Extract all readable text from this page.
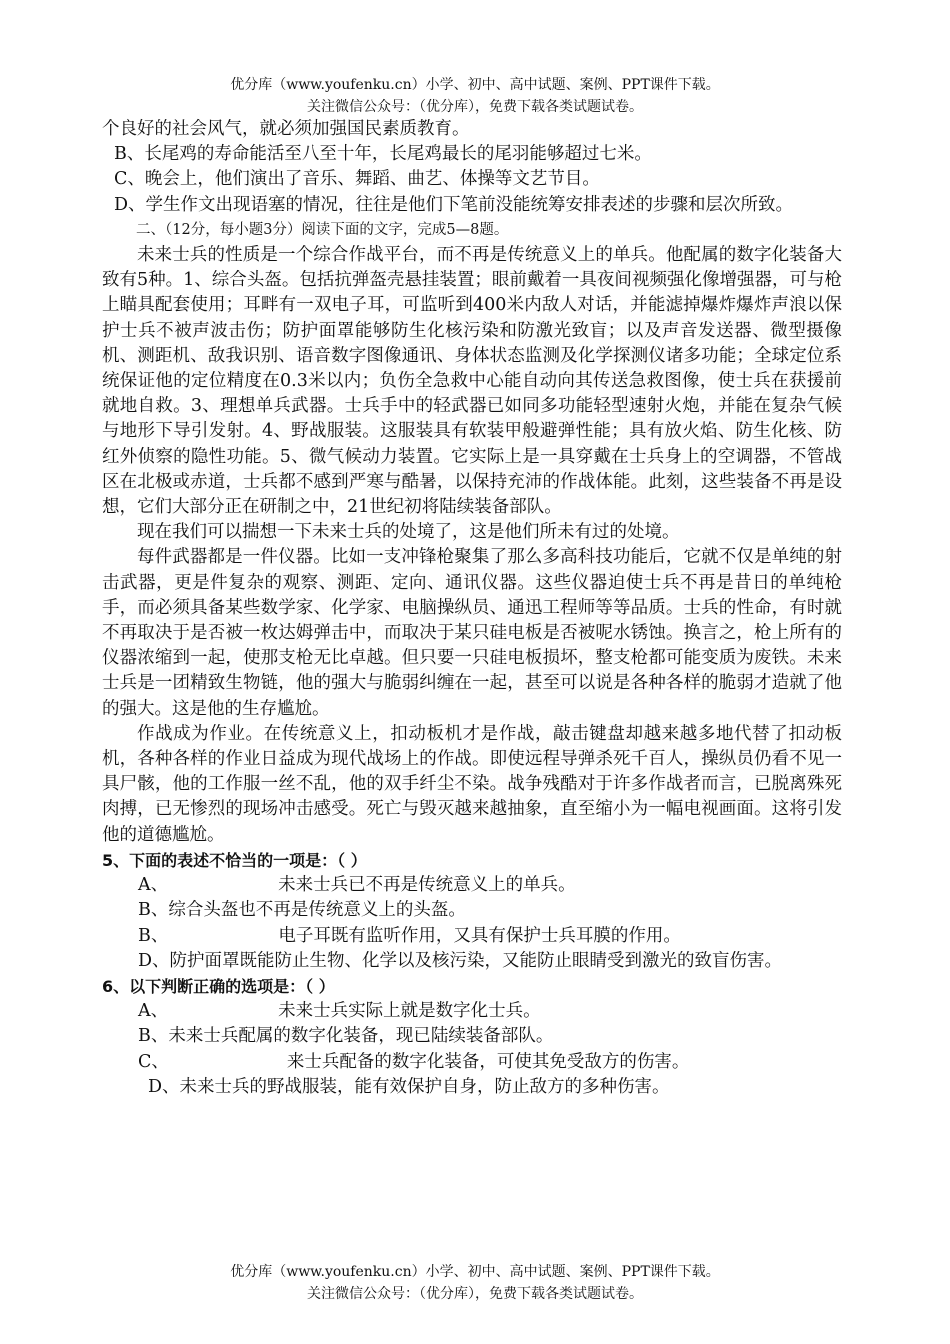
优分库（www.youfenku.cn）小学、初中、高中试题、案例、PPT课件下载。
关注微信公众号：（优分库），免费下载各类试题试卷。

个良好的社会风气，就必须加强国民素质教育。

B、长尾鸡的寿命能活至八至十年，长尾鸡最长的尾羽能够超过七米。

C、晚会上，他们演出了音乐、舞蹈、曲艺、体操等文艺节目。

D、学生作文出现语塞的情况，往往是他们下笔前没能统筹安排表述的步骤和层次所致。

二、（12分，每小题3分）阅读下面的文字，完成5—8题。

未来士兵的性质是一个综合作战平台，而不再是传统意义上的单兵。他配属的数字化装备大致有5种。1、综合头盔。包括抗弹盔壳悬挂装置；眼前戴着一具夜间视频强化像增强器，可与枪上瞄具配套使用；耳畔有一双电子耳，可监听到400米内敌人对话，并能滤掉爆炸爆炸声浪以保护士兵不被声波击伤；防护面罩能够防生化核污染和防激光致盲；以及声音发送器、微型摄像机、测距机、敌我识别、语音数字图像通讯、身体状态监测及化学探测仪诸多功能；全球定位系统保证他的定位精度在0.3米以内；负伤全急救中心能自动向其传送急救图像，使士兵在获援前就地自救。3、理想单兵武器。士兵手中的轻武器已如同多功能轻型速射火炮，并能在复杂气候与地形下导引发射。4、野战服装。这服装具有软装甲般避弹性能；具有放火焰、防生化核、防红外侦察的隐性功能。5、微气候动力装置。它实际上是一具穿戴在士兵身上的空调器，不管战区在北极或赤道，士兵都不感到严寒与酷暑，以保持充沛的作战体能。此刻，这些装备不再是设想，它们大部分正在研制之中，21世纪初将陆续装备部队。

现在我们可以揣想一下未来士兵的处境了，这是他们所未有过的处境。

每件武器都是一件仪器。比如一支冲锋枪聚集了那么多高科技功能后，它就不仅是单纯的射击武器，更是件复杂的观察、测距、定向、通讯仪器。这些仪器迫使士兵不再是昔日的单纯枪手，而必须具备某些数学家、化学家、电脑操纵员、通迅工程师等等品质。士兵的性命，有时就不再取决于是否被一枚达姆弹击中，而取决于某只硅电板是否被呢水锈蚀。换言之，枪上所有的仪器浓缩到一起，使那支枪无比卓越。但只要一只硅电板损坏，整支枪都可能变质为废铁。未来士兵是一团精致生物链，他的强大与脆弱纠缠在一起，甚至可以说是各种各样的脆弱才造就了他的强大。这是他的生存尴尬。

作战成为作业。在传统意义上，扣动板机才是作战，敲击键盘却越来越多地代替了扣动板机，各种各样的作业日益成为现代战场上的作战。即使远程导弹杀死千百人，操纵员仍看不见一具尸骸，他的工作服一丝不乱，他的双手纤尘不染。战争残酷对于许多作战者而言，已脱离殊死肉搏，已无惨烈的现场冲击感受。死亡与毁灭越来越抽象，直至缩小为一幅电视画面。这将引发他的道德尴尬。

5、下面的表述不恰当的一项是：（ ）

A、	未来士兵已不再是传统意义上的单兵。

B、综合头盔也不再是传统意义上的头盔。

B、	电子耳既有监听作用，又具有保护士兵耳膜的作用。

D、防护面罩既能防止生物、化学以及核污染，又能防止眼睛受到激光的致盲伤害。

6、以下判断正确的选项是：（ ）

A、	未来士兵实际上就是数字化士兵。

B、未来士兵配属的数字化装备，现已陆续装备部队。

C、	来士兵配备的数字化装备，可使其免受敌方的伤害。

D、未来士兵的野战服装，能有效保护自身，防止敌方的多种伤害。

优分库（www.youfenku.cn）小学、初中、高中试题、案例、PPT课件下载。
关注微信公众号：（优分库），免费下载各类试题试卷。
